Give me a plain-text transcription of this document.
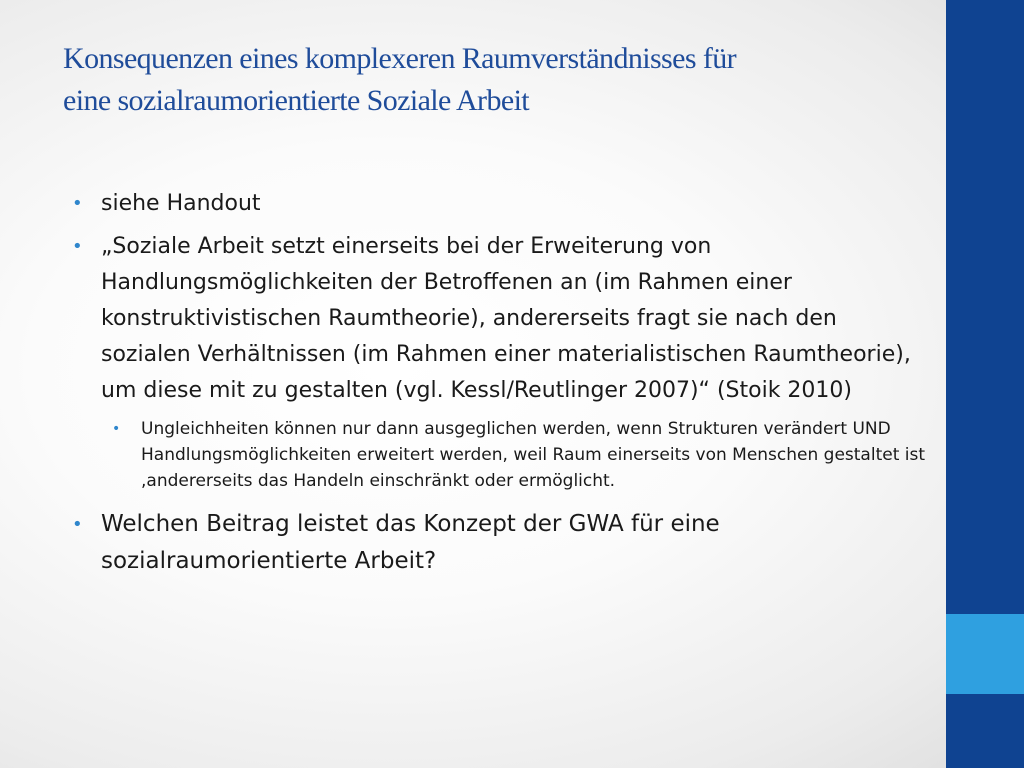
Konsequenzen eines komplexeren Raumverständnisses für
eine sozialraumorientierte Soziale Arbeit
• siehe Handout
• „Soziale Arbeit setzt einerseits bei der Erweiterung von Handlungsmöglichkeiten der Betroffenen an (im Rahmen einer konstruktivistischen Raumtheorie), andererseits fragt sie nach den sozialen Verhältnissen (im Rahmen einer materialistischen Raumtheorie), um diese mit zu gestalten (vgl. Kessl/Reutlinger 2007)“ (Stoik 2010)
• Ungleichheiten können nur dann ausgeglichen werden, wenn Strukturen verändert UND Handlungsmöglichkeiten erweitert werden, weil Raum einerseits von Menschen gestaltet ist ,andererseits das Handeln einschränkt oder ermöglicht.
• Welchen Beitrag leistet das Konzept der GWA für eine sozialraumorientierte Arbeit?
